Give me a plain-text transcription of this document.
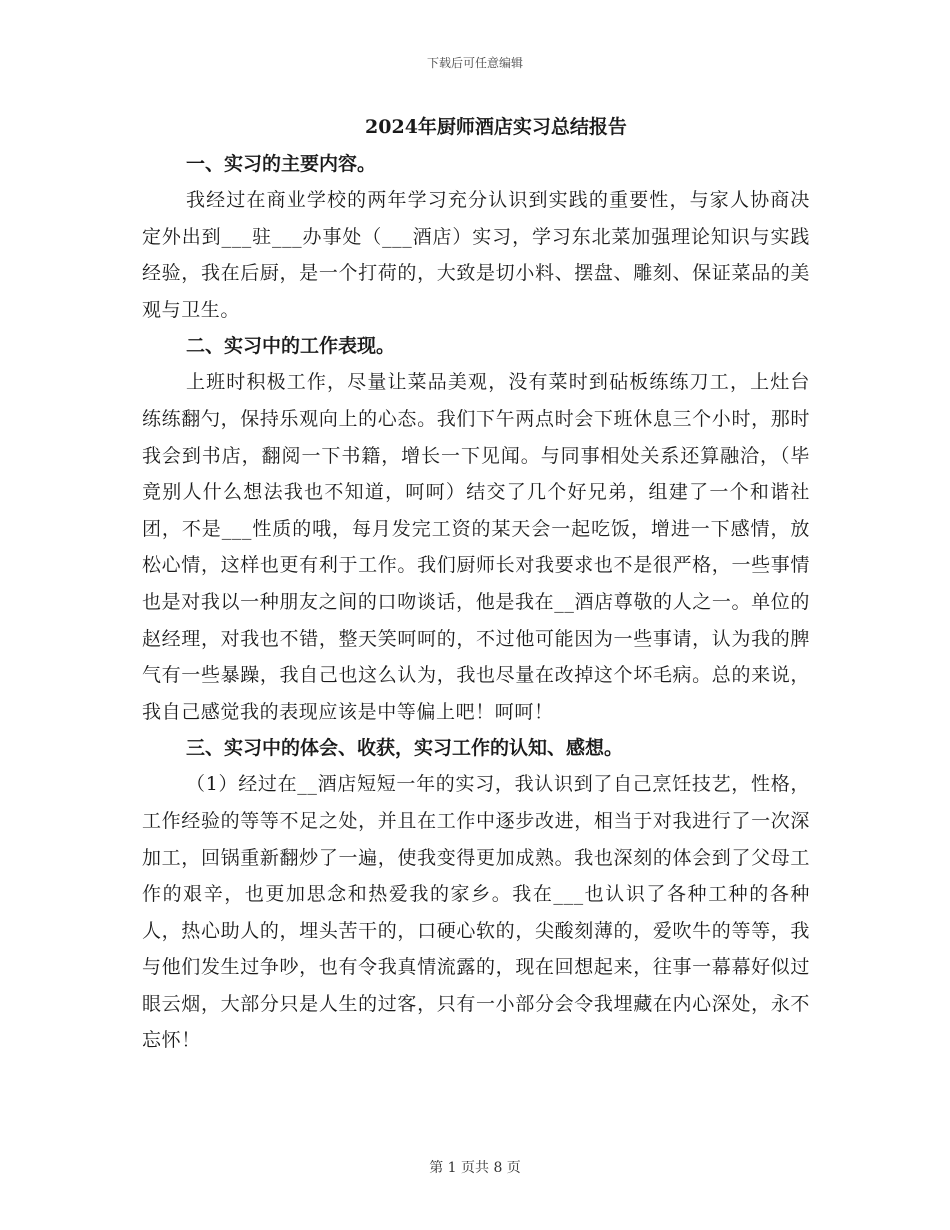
下载后可任意编辑
2024年厨师酒店实习总结报告
一、实习的主要内容。

我经过在商业学校的两年学习充分认识到实践的重要性，与家人协商决定外出到___驻___办事处（___酒店）实习，学习东北菜加强理论知识与实践经验，我在后厨，是一个打荷的，大致是切小料、摆盘、雕刻、保证菜品的美观与卫生。

二、实习中的工作表现。

上班时积极工作，尽量让菜品美观，没有菜时到砧板练练刀工，上灶台练练翻勺，保持乐观向上的心态。我们下午两点时会下班休息三个小时，那时我会到书店，翻阅一下书籍，增长一下见闻。与同事相处关系还算融洽，（毕竟别人什么想法我也不知道，呵呵）结交了几个好兄弟，组建了一个和谐社团，不是___性质的哦，每月发完工资的某天会一起吃饭，增进一下感情，放松心情，这样也更有利于工作。我们厨师长对我要求也不是很严格，一些事情也是对我以一种朋友之间的口吻谈话，他是我在__酒店尊敬的人之一。单位的赵经理，对我也不错，整天笑呵呵的，不过他可能因为一些事请，认为我的脾气有一些暴躁，我自己也这么认为，我也尽量在改掉这个坏毛病。总的来说，我自己感觉我的表现应该是中等偏上吧！呵呵！

三、实习中的体会、收获，实习工作的认知、感想。

（1）经过在__酒店短短一年的实习，我认识到了自己烹饪技艺，性格，工作经验的等等不足之处，并且在工作中逐步改进，相当于对我进行了一次深加工，回锅重新翻炒了一遍，使我变得更加成熟。我也深刻的体会到了父母工作的艰辛，也更加思念和热爱我的家乡。我在___也认识了各种工种的各种人，热心助人的，埋头苦干的，口硬心软的，尖酸刻薄的，爱吹牛的等等，我与他们发生过争吵，也有令我真情流露的，现在回想起来，往事一幕幕好似过眼云烟，大部分只是人生的过客，只有一小部分会令我埋藏在内心深处，永不忘怀！

第 1 页共 8 页
